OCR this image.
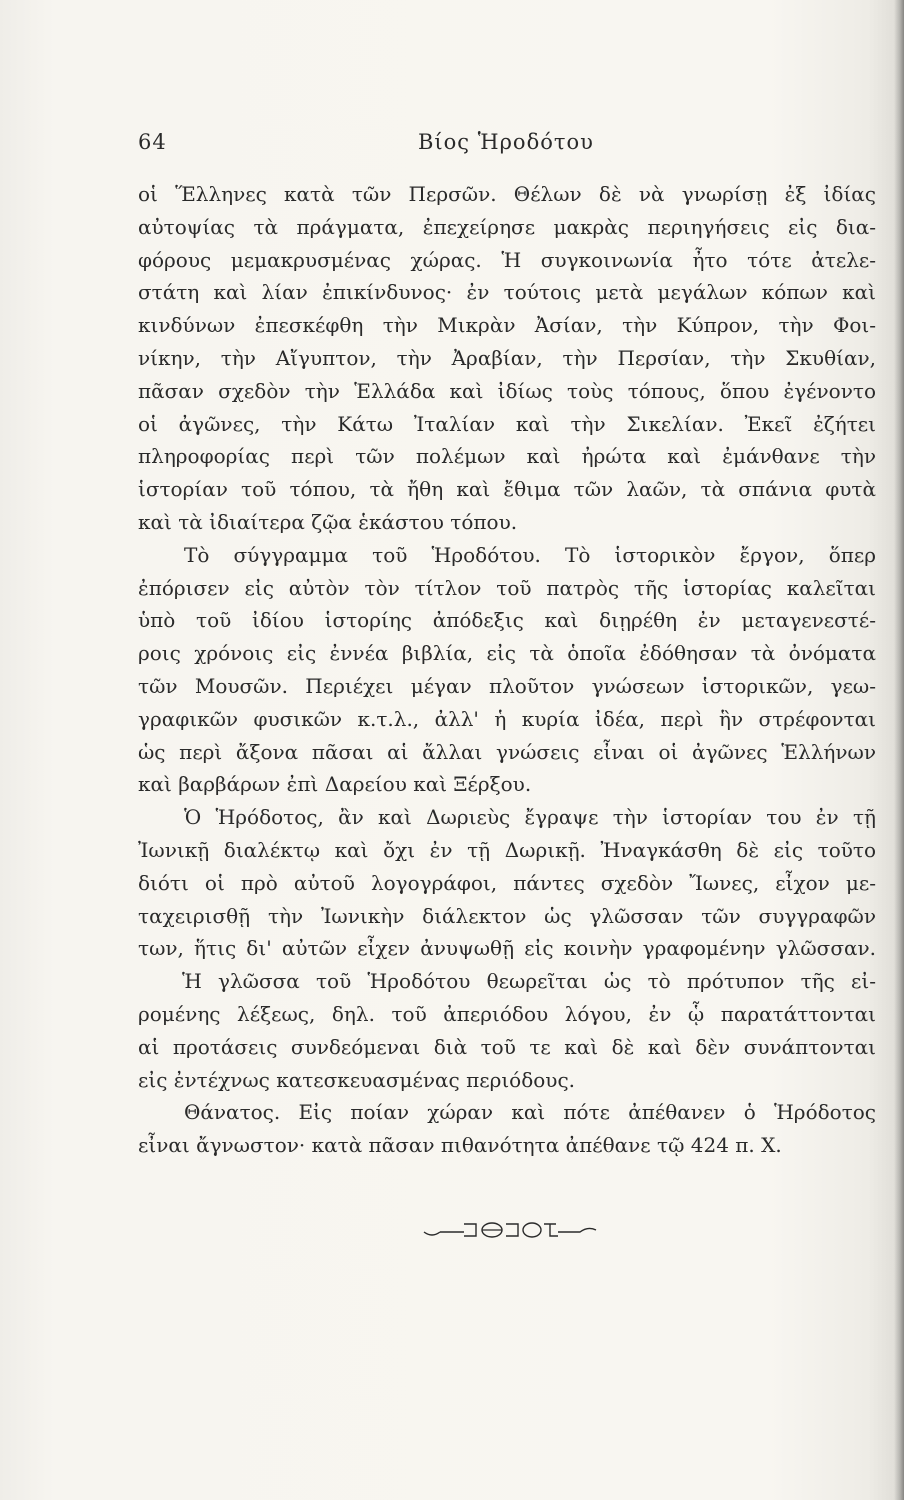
64	Βίος Ἡροδότου
οἱ Ἕλληνες κατὰ τῶν Περσῶν. Θέλων δὲ νὰ γνωρίσῃ ἐξ ἰδίας
αὐτοψίας τὰ πράγματα, ἐπεχείρησε μακρὰς περιηγήσεις εἰς δια-
φόρους μεμακρυσμένας χώρας. Ἡ συγκοινωνία ἦτο τότε ἀτελε-
στάτη καὶ λίαν ἐπικίνδυνος· ἐν τούτοις μετὰ μεγάλων κόπων καὶ
κινδύνων ἐπεσκέφθη τὴν Μικρὰν Ἀσίαν, τὴν Κύπρον, τὴν Φοι-
νίκην, τὴν Αἴγυπτον, τὴν Ἀραβίαν, τὴν Περσίαν, τὴν Σκυθίαν,
πᾶσαν σχεδὸν τὴν Ἑλλάδα καὶ ἰδίως τοὺς τόπους, ὅπου ἐγένοντο
οἱ ἀγῶνες, τὴν Κάτω Ἰταλίαν καὶ τὴν Σικελίαν. Ἐκεῖ ἐζήτει
πληροφορίας περὶ τῶν πολέμων καὶ ἠρώτα καὶ ἐμάνθανε τὴν
ἱστορίαν τοῦ τόπου, τὰ ἤθη καὶ ἔθιμα τῶν λαῶν, τὰ σπάνια φυτὰ
καὶ τὰ ἰδιαίτερα ζῷα ἑκάστου τόπου.
Τὸ σύγγραμμα τοῦ Ἡροδότου. Τὸ ἱστορικὸν ἔργον, ὅπερ
ἐπόρισεν εἰς αὐτὸν τὸν τίτλον τοῦ πατρὸς τῆς ἱστορίας καλεῖται
ὑπὸ τοῦ ἰδίου ἱστορίης ἀπόδεξις καὶ διῃρέθη ἐν μεταγενεστέ-
ροις χρόνοις εἰς ἐννέα βιβλία, εἰς τὰ ὁποῖα ἐδόθησαν τὰ ὀνόματα
τῶν Μουσῶν. Περιέχει μέγαν πλοῦτον γνώσεων ἱστορικῶν, γεω-
γραφικῶν φυσικῶν κ.τ.λ., ἀλλ' ἡ κυρία ἰδέα, περὶ ἣν στρέφονται
ὡς περὶ ἄξονα πᾶσαι αἱ ἄλλαι γνώσεις εἶναι οἱ ἀγῶνες Ἑλλήνων
καὶ βαρβάρων ἐπὶ Δαρείου καὶ Ξέρξου.
Ὁ Ἡρόδοτος, ἂν καὶ Δωριεὺς ἔγραψε τὴν ἱστορίαν του ἐν τῇ
Ἰωνικῇ διαλέκτῳ καὶ ὄχι ἐν τῇ Δωρικῇ. Ἠναγκάσθη δὲ εἰς τοῦτο
διότι οἱ πρὸ αὐτοῦ λογογράφοι, πάντες σχεδὸν Ἴωνες, εἶχον με-
ταχειρισθῇ τὴν Ἰωνικὴν διάλεκτον ὡς γλῶσσαν τῶν συγγραφῶν
των, ἥτις δι' αὐτῶν εἶχεν ἀνυψωθῇ εἰς κοινὴν γραφομένην γλῶσσαν.
Ἡ γλῶσσα τοῦ Ἡροδότου θεωρεῖται ὡς τὸ πρότυπον τῆς εἰ-
ρομένης λέξεως, δηλ. τοῦ ἀπεριόδου λόγου, ἐν ᾧ παρατάττονται
αἱ προτάσεις συνδεόμεναι διὰ τοῦ τε καὶ δὲ καὶ δὲν συνάπτονται
εἰς ἐντέχνως κατεσκευασμένας περιόδους.
Θάνατος. Εἰς ποίαν χώραν καὶ πότε ἀπέθανεν ὁ Ἡρόδοτος
εἶναι ἄγνωστον· κατὰ πᾶσαν πιθανότητα ἀπέθανε τῷ 424 π. Χ.
